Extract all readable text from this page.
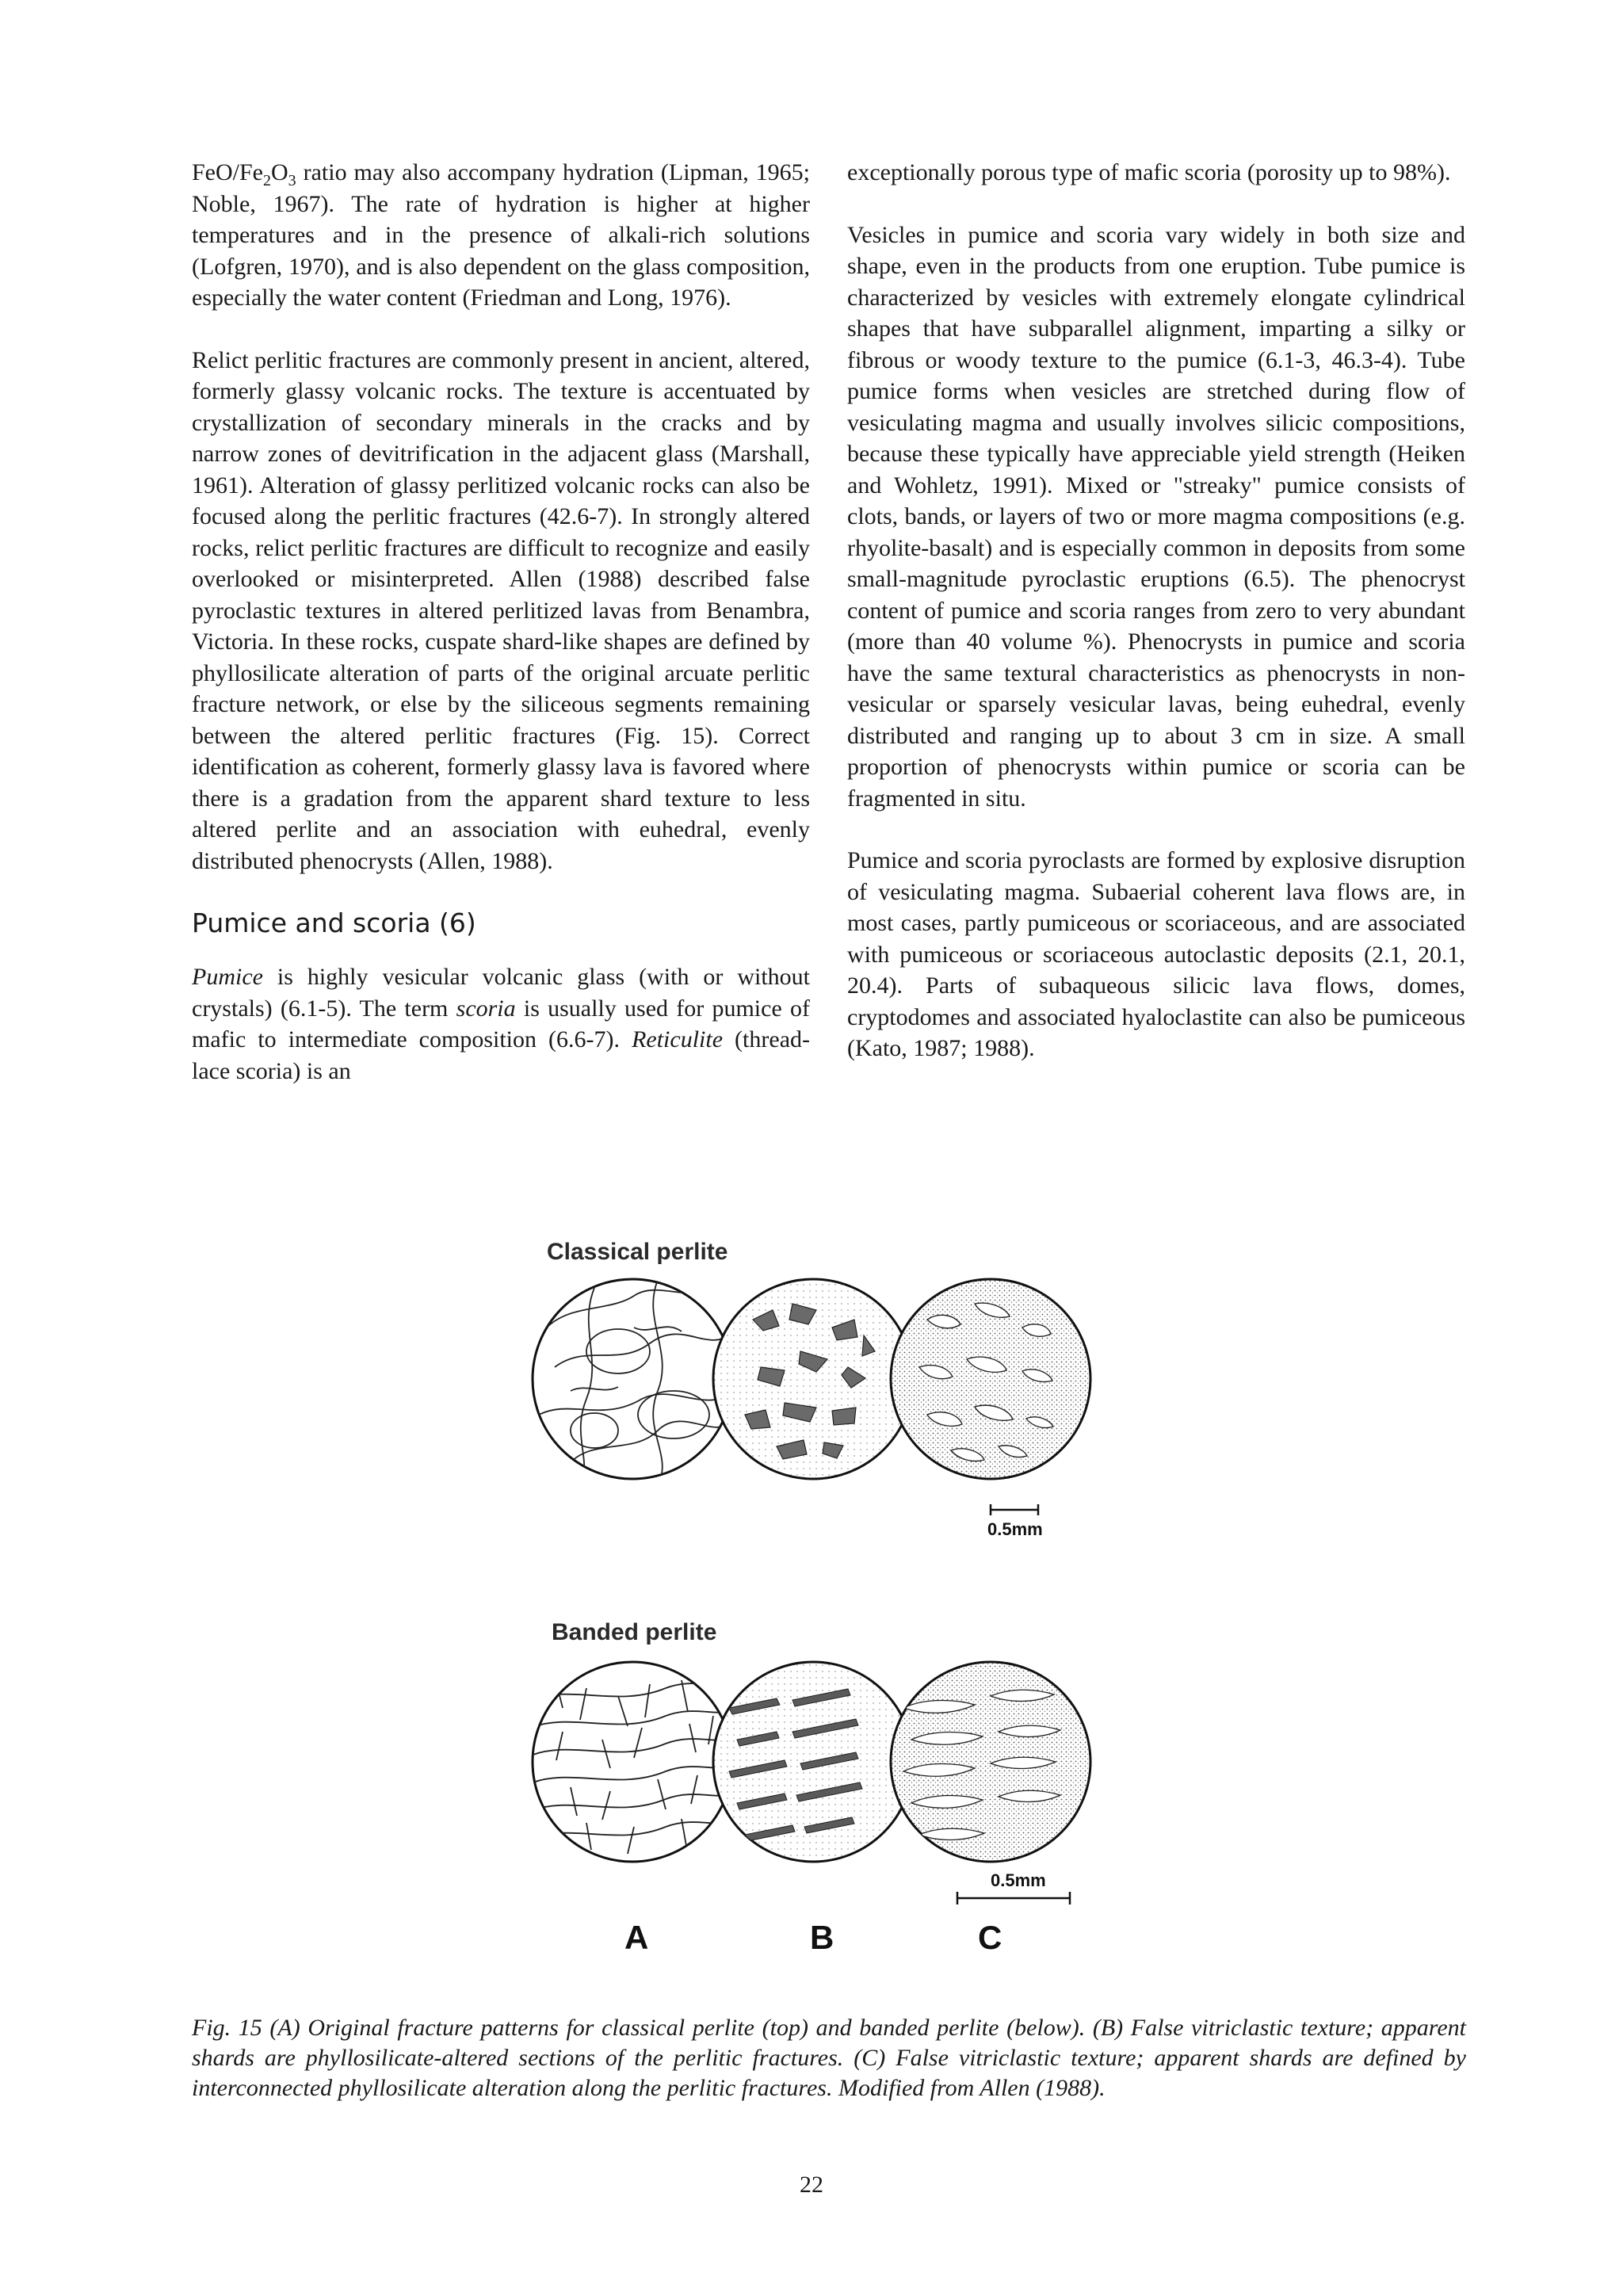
FeO/$Fe_2O_3$ ratio may also accompany hydration (Lipman, 1965; Noble, 1967). The rate of hydration is higher at higher temperatures and in the presence of alkali-rich solutions (Lofgren, 1970), and is also dependent on the glass composition, especially the water content (Friedman and Long, 1976).

Relict perlitic fractures are commonly present in ancient, altered, formerly glassy volcanic rocks. The texture is accentuated by crystallization of secondary minerals in the cracks and by narrow zones of devitrification in the adjacent glass (Marshall, 1961). Alteration of glassy perlitized volcanic rocks can also be focused along the perlitic fractures (42.6-7). In strongly altered rocks, relict perlitic fractures are difficult to recognize and easily overlooked or misinterpreted. Allen (1988) described false pyroclastic textures in altered perlitized lavas from Benambra, Victoria. In these rocks, cuspate shard-like shapes are defined by phyllosilicate alteration of parts of the original arcuate perlitic fracture network, or else by the siliceous segments remaining between the altered perlitic fractures (Fig. 15). Correct identification as coherent, formerly glassy lava is favored where there is a gradation from the apparent shard texture to less altered perlite and an association with euhedral, evenly distributed phenocrysts (Allen, 1988).

Pumice and scoria (6)

Pumice is highly vesicular volcanic glass (with or without crystals) (6.1-5). The term scoria is usually used for pumice of mafic to intermediate composition (6.6-7). Reticulite (thread-lace scoria) is an

exceptionally porous type of mafic scoria (porosity up to 98%).

Vesicles in pumice and scoria vary widely in both size and shape, even in the products from one eruption. Tube pumice is characterized by vesicles with extremely elongate cylindrical shapes that have subparallel alignment, imparting a silky or fibrous or woody texture to the pumice (6.1-3, 46.3-4). Tube pumice forms when vesicles are stretched during flow of vesiculating magma and usually involves silicic compositions, because these typically have appreciable yield strength (Heiken and Wohletz, 1991). Mixed or "streaky" pumice consists of clots, bands, or layers of two or more magma compositions (e.g. rhyolite-basalt) and is especially common in deposits from some small-magnitude pyroclastic eruptions (6.5). The phenocryst content of pumice and scoria ranges from zero to very abundant (more than 40 volume %). Phenocrysts in pumice and scoria have the same textural characteristics as phenocrysts in non-vesicular or sparsely vesicular lavas, being euhedral, evenly distributed and ranging up to about 3 cm in size. A small proportion of phenocrysts within pumice or scoria can be fragmented in situ.

Pumice and scoria pyroclasts are formed by explosive disruption of vesiculating magma. Subaerial coherent lava flows are, in most cases, partly pumiceous or scoriaceous, and are associated with pumiceous or scoriaceous autoclastic deposits (2.1, 20.1, 20.4). Parts of subaqueous silicic lava flows, domes, cryptodomes and associated hyaloclastite can also be pumiceous (Kato, 1987; 1988).

Classical perlite
Banded perlite
0.5mm
0.5mm
A	B	C
Fig. 15 (A) Original fracture patterns for classical perlite (top) and banded perlite (below). (B) False vitriclastic texture; apparent shards are phyllosilicate-altered sections of the perlitic fractures. (C) False vitriclastic texture; apparent shards are defined by interconnected phyllosilicate alteration along the perlitic fractures. Modified from Allen (1988).
22
